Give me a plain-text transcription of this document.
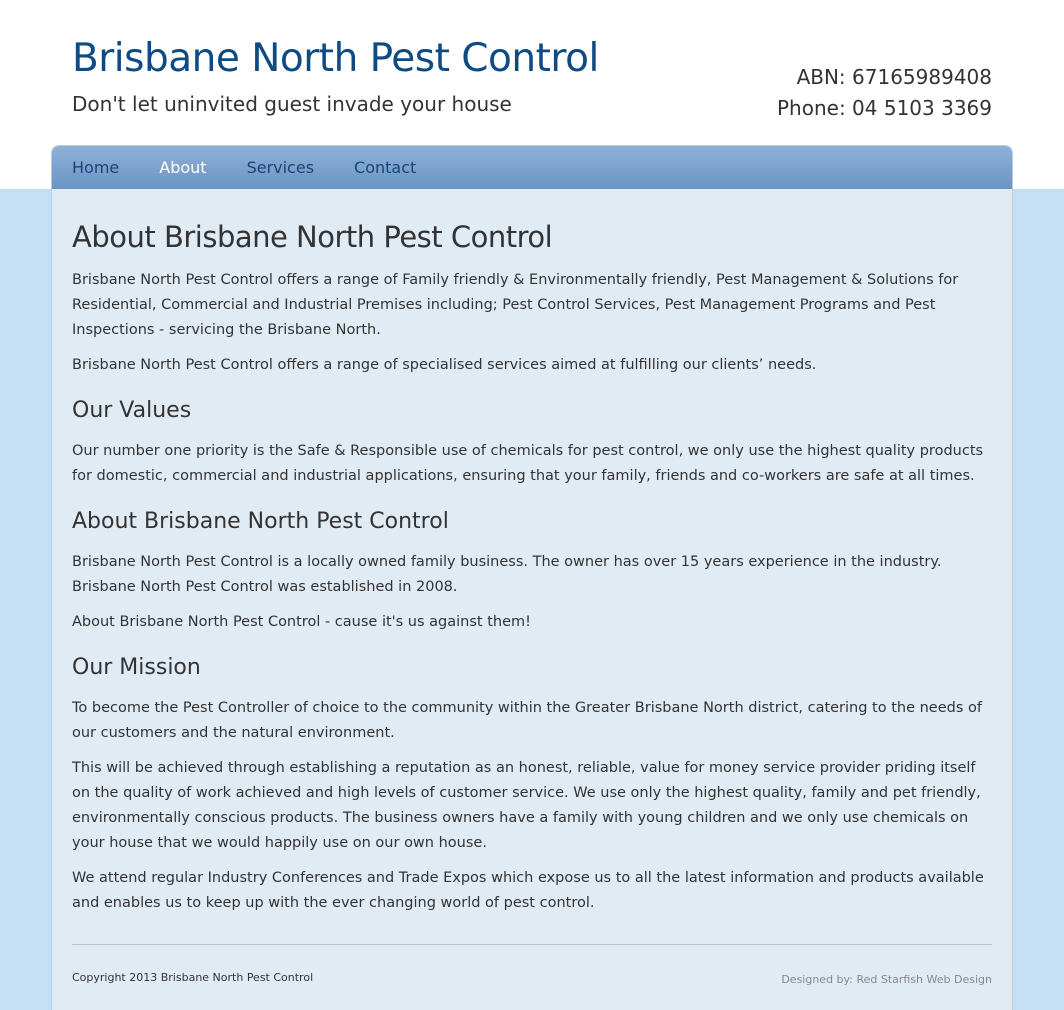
Brisbane North Pest Control
Don't let uninvited guest invade your house
ABN: 67165989408
Phone: 04 5103 3369
Home	About	Services	Contact
About Brisbane North Pest Control

Brisbane North Pest Control offers a range of Family friendly & Environmentally friendly, Pest Management & Solutions for Residential, Commercial and Industrial Premises including; Pest Control Services, Pest Management Programs and Pest Inspections - servicing the Brisbane North.

Brisbane North Pest Control offers a range of specialised services aimed at fulfilling our clients’ needs.

Our Values

Our number one priority is the Safe & Responsible use of chemicals for pest control, we only use the highest quality products for domestic, commercial and industrial applications, ensuring that your family, friends and co-workers are safe at all times.

About Brisbane North Pest Control

Brisbane North Pest Control is a locally owned family business. The owner has over 15 years experience in the industry. Brisbane North Pest Control was established in 2008.

About Brisbane North Pest Control - cause it's us against them!

Our Mission

To become the Pest Controller of choice to the community within the Greater Brisbane North district, catering to the needs of our customers and the natural environment.

This will be achieved through establishing a reputation as an honest, reliable, value for money service provider priding itself on the quality of work achieved and high levels of customer service. We use only the highest quality, family and pet friendly, environmentally conscious products. The business owners have a family with young children and we only use chemicals on your house that we would happily use on our own house.

We attend regular Industry Conferences and Trade Expos which expose us to all the latest information and products available and enables us to keep up with the ever changing world of pest control.

Copyright 2013 Brisbane North Pest Control	Designed by: Red Starfish Web Design
